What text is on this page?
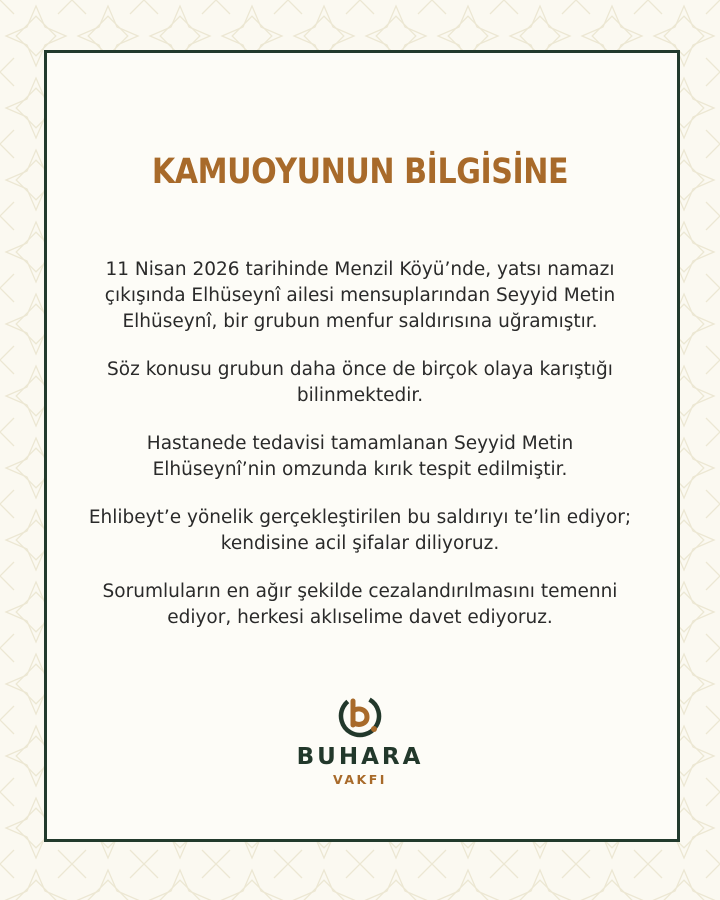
KAMUOYUNUN BİLGİSİNE

11 Nisan 2026 tarihinde Menzil Köyü’nde, yatsı namazı
çıkışında Elhüseynî ailesi mensuplarından Seyyid Metin
Elhüseynî, bir grubun menfur saldırısına uğramıştır.

Söz konusu grubun daha önce de birçok olaya karıştığı
bilinmektedir.

Hastanede tedavisi tamamlanan Seyyid Metin
Elhüseynî’nin omzunda kırık tespit edilmiştir.

Ehlibeyt’e yönelik gerçekleştirilen bu saldırıyı te’lin ediyor;
kendisine acil şifalar diliyoruz.

Sorumluların en ağır şekilde cezalandırılmasını temenni
ediyor, herkesi aklıselime davet ediyoruz.

BUHARA
VAKFI
